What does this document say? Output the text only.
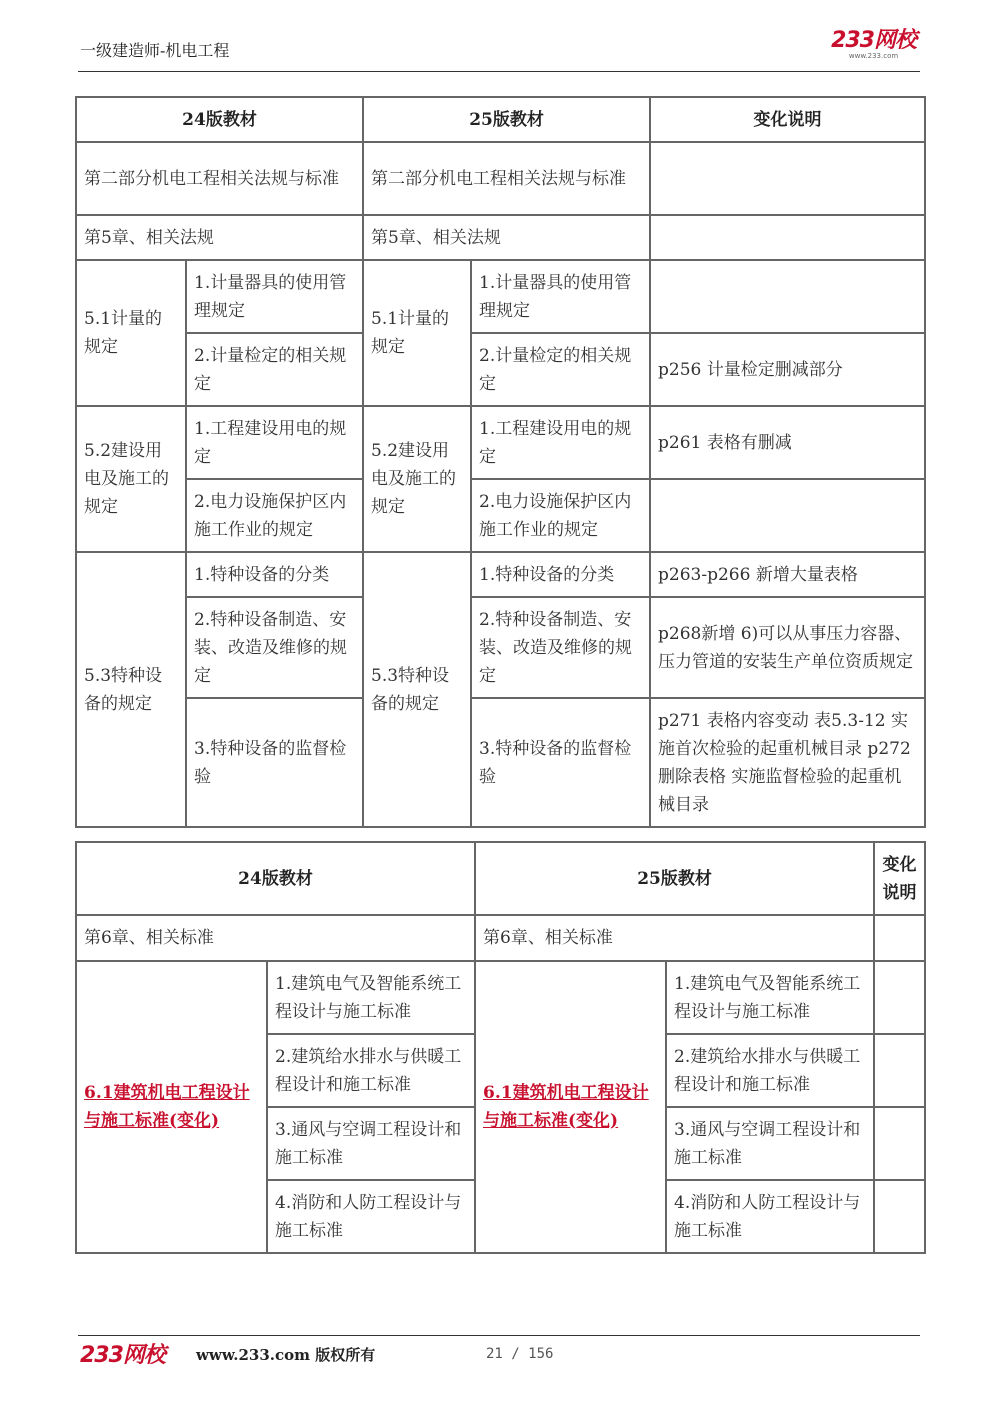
一级建造师-机电工程	233网校
www.233.com
24版教材		25版教材		变化说明
第二部分机电工程相关法规与标准		第二部分机电工程相关法规与标准		
第5章、相关法规		第5章、相关法规		
5.1计量的规定	1.计量器具的使用管理规定	5.1计量的规定	1.计量器具的使用管理规定	
	2.计量检定的相关规定		2.计量检定的相关规定	p256 计量检定删减部分
5.2建设用电及施工的规定	1.工程建设用电的规定	5.2建设用电及施工的规定	1.工程建设用电的规定	p261 表格有删减
	2.电力设施保护区内施工作业的规定		2.电力设施保护区内施工作业的规定	
5.3特种设备的规定	1.特种设备的分类	5.3特种设备的规定	1.特种设备的分类	p263-p266 新增大量表格
	2.特种设备制造、安装、改造及维修的规定		2.特种设备制造、安装、改造及维修的规定	p268新增 6)可以从事压力容器、压力管道的安装生产单位资质规定
	3.特种设备的监督检验		3.特种设备的监督检验	p271 表格内容变动 表5.3-12 实施首次检验的起重机械目录 p272删除表格 实施监督检验的起重机械目录
24版教材		25版教材		变化说明
第6章、相关标准		第6章、相关标准		
6.1建筑机电工程设计与施工标准(变化)	1.建筑电气及智能系统工程设计与施工标准	6.1建筑机电工程设计与施工标准(变化)	1.建筑电气及智能系统工程设计与施工标准	
	2.建筑给水排水与供暖工程设计和施工标准		2.建筑给水排水与供暖工程设计和施工标准	
	3.通风与空调工程设计和施工标准		3.通风与空调工程设计和施工标准	
	4.消防和人防工程设计与施工标准		4.消防和人防工程设计与施工标准	
233网校 www.233.com 版权所有	21 / 156
